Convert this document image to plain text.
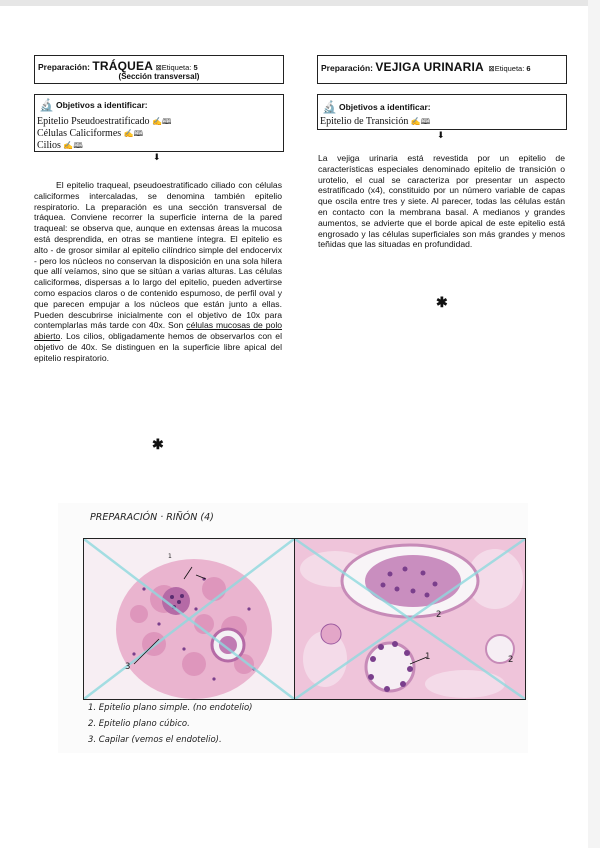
Preparación: TRÁQUEA ⊠Etiqueta: 5
(Sección transversal)
🔬 Objetivos a identificar:
Epitelio Pseudoestratificado ✍🕮
Células Caliciformes ✍🕮
Cilios ✍🕮
⬇

El epitelio traqueal, pseudoestratificado ciliado con células caliciformes intercaladas, se denomina también epitelio respiratorio. La preparación es una sección transversal de tráquea. Conviene recorrer la superficie interna de la pared traqueal: se observa que, aunque en extensas áreas la mucosa está desprendida, en otras se mantiene íntegra. El epitelio es alto - de grosor similar al epitelio cilíndrico simple del endocervix - pero los núcleos no conservan la disposición en una sola hilera que allí veíamos, sino que se sitúan a varias alturas. Las células caliciforme̵s, dispersas a lo largo del epitelio, pueden advertirse como espacios claros o de contenido espumoso, de perfil oval y que parecen empujar a los núcleos que están junto a ellas. Pueden descubrirse inicialmente con el objetivo de 10x para contemplarlas más tarde con 40x. Son células mucosas de polo abierto. Los cilios, obligadamente hemos de observarlos con el objetivo de 40x. Se distinguen en la superficie libre apical del epitelio respiratorio.

✱
Preparación: VEJIGA URINARIA ⊠Etiqueta: 6
🔬 Objetivos a identificar:
Epitelio de Transición ✍🕮
⬇

La vejiga urinaria está revestida por un epitelio de características especiales denominado epitelio de transición o urotelio, el cual se caracteriza por presentar un aspecto estratificado (x4), constituido por un número variable de capas que oscila entre tres y siete. Al parecer, todas las células están en contacto con la membrana basal. A medianos y grandes aumentos, se advierte que el borde apical de este epitelio está engrosado y las células superficiales son más grandes y menos teñidas que las situadas en profundidad.

✱
PREPARACIÓN · RIÑÓN (4)
3
1
1
2
2
1. Epitelio plano simple. (no endotelio)
2. Epitelio plano cúbico.
3. Capilar (vemos el endotelio).
